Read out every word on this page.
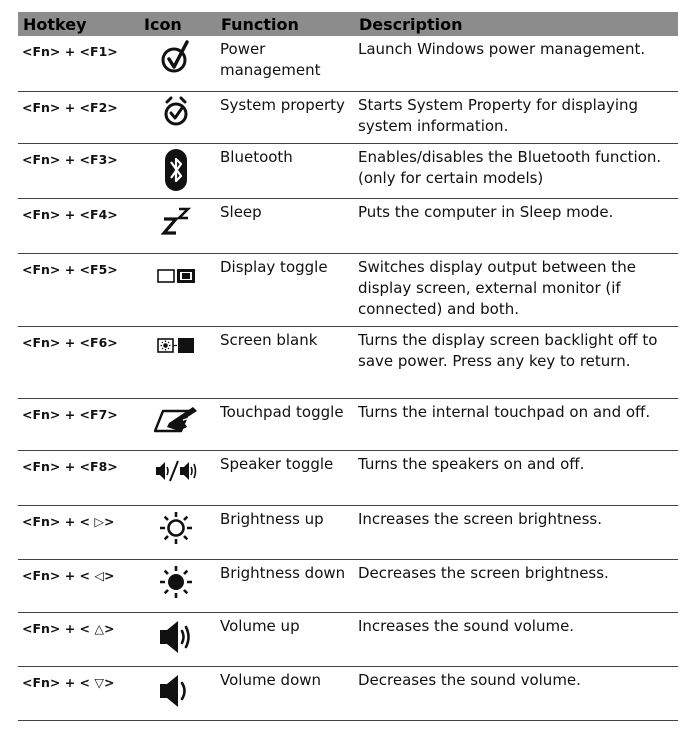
Hotkey	Icon	Function	Description
<Fn> + <F1>		Power management	Launch Windows power management.
<Fn> + <F2>		System property	Starts System Property for displaying system information.
<Fn> + <F3>		Bluetooth	Enables/disables the Bluetooth function. (only for certain models)
<Fn> + <F4>		Sleep	Puts the computer in Sleep mode.
<Fn> + <F5>		Display toggle	Switches display output between the display screen, external monitor (if connected) and both.
<Fn> + <F6>		Screen blank	Turns the display screen backlight off to save power. Press any key to return.
<Fn> + <F7>		Touchpad toggle	Turns the internal touchpad on and off.
<Fn> + <F8>		Speaker toggle	Turns the speakers on and off.
<Fn> + < ▷>		Brightness up	Increases the screen brightness.
<Fn> + < ◁>		Brightness down	Decreases the screen brightness.
<Fn> + < △>		Volume up	Increases the sound volume.
<Fn> + < ▽>		Volume down	Decreases the sound volume.
